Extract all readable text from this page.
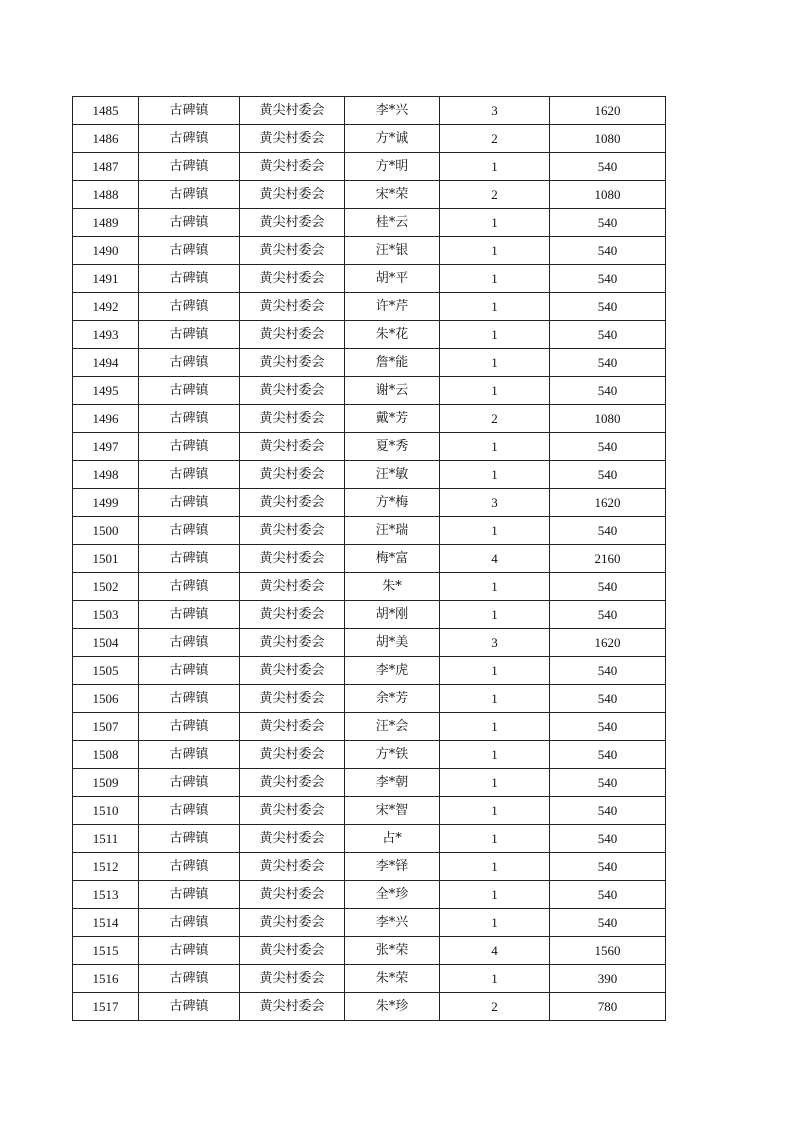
1485	古碑镇	黄尖村委会	李*兴	3	1620
1486	古碑镇	黄尖村委会	方*诚	2	1080
1487	古碑镇	黄尖村委会	方*明	1	540
1488	古碑镇	黄尖村委会	宋*荣	2	1080
1489	古碑镇	黄尖村委会	桂*云	1	540
1490	古碑镇	黄尖村委会	汪*银	1	540
1491	古碑镇	黄尖村委会	胡*平	1	540
1492	古碑镇	黄尖村委会	许*芹	1	540
1493	古碑镇	黄尖村委会	朱*花	1	540
1494	古碑镇	黄尖村委会	詹*能	1	540
1495	古碑镇	黄尖村委会	谢*云	1	540
1496	古碑镇	黄尖村委会	戴*芳	2	1080
1497	古碑镇	黄尖村委会	夏*秀	1	540
1498	古碑镇	黄尖村委会	汪*敏	1	540
1499	古碑镇	黄尖村委会	方*梅	3	1620
1500	古碑镇	黄尖村委会	汪*瑞	1	540
1501	古碑镇	黄尖村委会	梅*富	4	2160
1502	古碑镇	黄尖村委会	朱*	1	540
1503	古碑镇	黄尖村委会	胡*刚	1	540
1504	古碑镇	黄尖村委会	胡*美	3	1620
1505	古碑镇	黄尖村委会	李*虎	1	540
1506	古碑镇	黄尖村委会	余*芳	1	540
1507	古碑镇	黄尖村委会	汪*会	1	540
1508	古碑镇	黄尖村委会	方*铁	1	540
1509	古碑镇	黄尖村委会	李*朝	1	540
1510	古碑镇	黄尖村委会	宋*智	1	540
1511	古碑镇	黄尖村委会	占*	1	540
1512	古碑镇	黄尖村委会	李*铎	1	540
1513	古碑镇	黄尖村委会	全*珍	1	540
1514	古碑镇	黄尖村委会	李*兴	1	540
1515	古碑镇	黄尖村委会	张*荣	4	1560
1516	古碑镇	黄尖村委会	朱*荣	1	390
1517	古碑镇	黄尖村委会	朱*珍	2	780
